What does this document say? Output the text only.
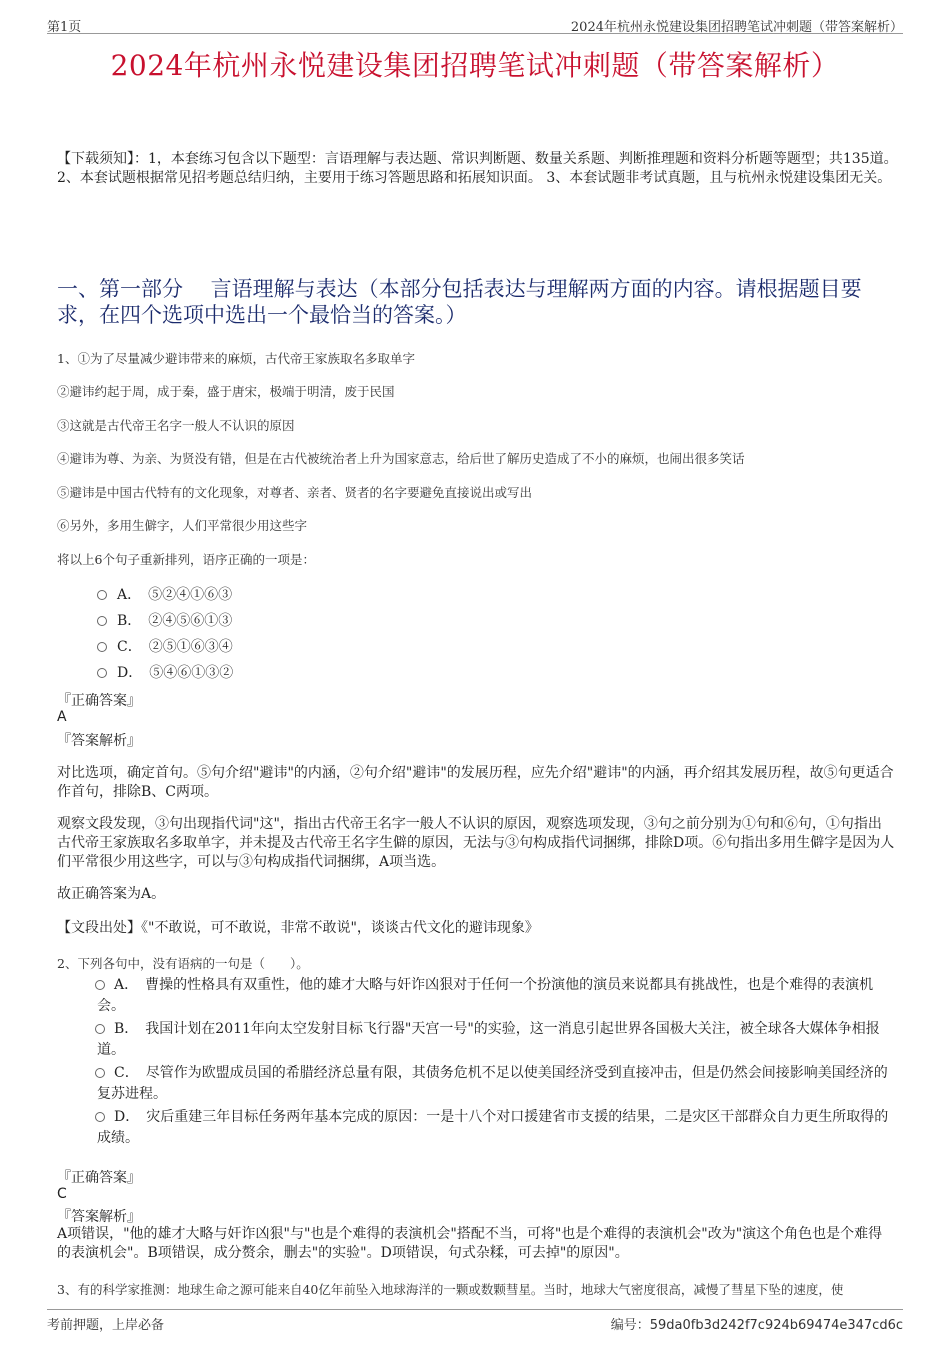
第1页	2024年杭州永悦建设集团招聘笔试冲刺题（带答案解析）
2024年杭州永悦建设集团招聘笔试冲刺题（带答案解析）
【下载须知】：1，本套练习包含以下题型：言语理解与表达题、常识判断题、数量关系题、判断推理题和资料分析题等题型；共135道。 2、本套试题根据常见招考题总结归纳，主要用于练习答题思路和拓展知识面。 3、本套试题非考试真题，且与杭州永悦建设集团无关。
一、第一部分　 言语理解与表达（本部分包括表达与理解两方面的内容。请根据题目要求，在四个选项中选出一个最恰当的答案。）
1、①为了尽量减少避讳带来的麻烦，古代帝王家族取名多取单字
②避讳约起于周，成于秦，盛于唐宋，极端于明清，废于民国
③这就是古代帝王名字一般人不认识的原因
④避讳为尊、为亲、为贤没有错，但是在古代被统治者上升为国家意志，给后世了解历史造成了不小的麻烦，也闹出很多笑话
⑤避讳是中国古代特有的文化现象，对尊者、亲者、贤者的名字要避免直接说出或写出
⑥另外，多用生僻字，人们平常很少用这些字
将以上6个句子重新排列，语序正确的一项是：
A．　⑤②④①⑥③
B．　②④⑤⑥①③
C．　②⑤①⑥③④
D．　⑤④⑥①③②
『正确答案』
A
『答案解析』
对比选项，确定首句。⑤句介绍"避讳"的内涵，②句介绍"避讳"的发展历程，应先介绍"避讳"的内涵，再介绍其发展历程，故⑤句更适合作首句，排除B、C两项。
观察文段发现，③句出现指代词"这"，指出古代帝王名字一般人不认识的原因，观察选项发现，③句之前分别为①句和⑥句，①句指出古代帝王家族取名多取单字，并未提及古代帝王名字生僻的原因，无法与③句构成指代词捆绑，排除D项。⑥句指出多用生僻字是因为人们平常很少用这些字，可以与③句构成指代词捆绑，A项当选。
故正确答案为A。
【文段出处】《"不敢说，可不敢说，非常不敢说"，谈谈古代文化的避讳现象》
2、下列各句中，没有语病的一句是（　　）。
A．　曹操的性格具有双重性，他的雄才大略与奸诈凶狠对于任何一个扮演他的演员来说都具有挑战性，也是个难得的表演机会。
B．　我国计划在2011年向太空发射目标飞行器"天宫一号"的实验，这一消息引起世界各国极大关注，被全球各大媒体争相报道。
C．　尽管作为欧盟成员国的希腊经济总量有限，其债务危机不足以使美国经济受到直接冲击，但是仍然会间接影响美国经济的复苏进程。
D．　灾后重建三年目标任务两年基本完成的原因：一是十八个对口援建省市支援的结果，二是灾区干部群众自力更生所取得的成绩。
『正确答案』
C
『答案解析』
A项错误，"他的雄才大略与奸诈凶狠"与"也是个难得的表演机会"搭配不当，可将"也是个难得的表演机会"改为"演这个角色也是个难得的表演机会"。B项错误，成分赘余，删去"的实验"。D项错误，句式杂糅，可去掉"的原因"。
3、有的科学家推测：地球生命之源可能来自40亿年前坠入地球海洋的一颗或数颗彗星。当时，地球大气密度很高，减慢了彗星下坠的速度，使
考前押题，上岸必备	编号：59da0fb3d242f7c924b69474e347cd6c
